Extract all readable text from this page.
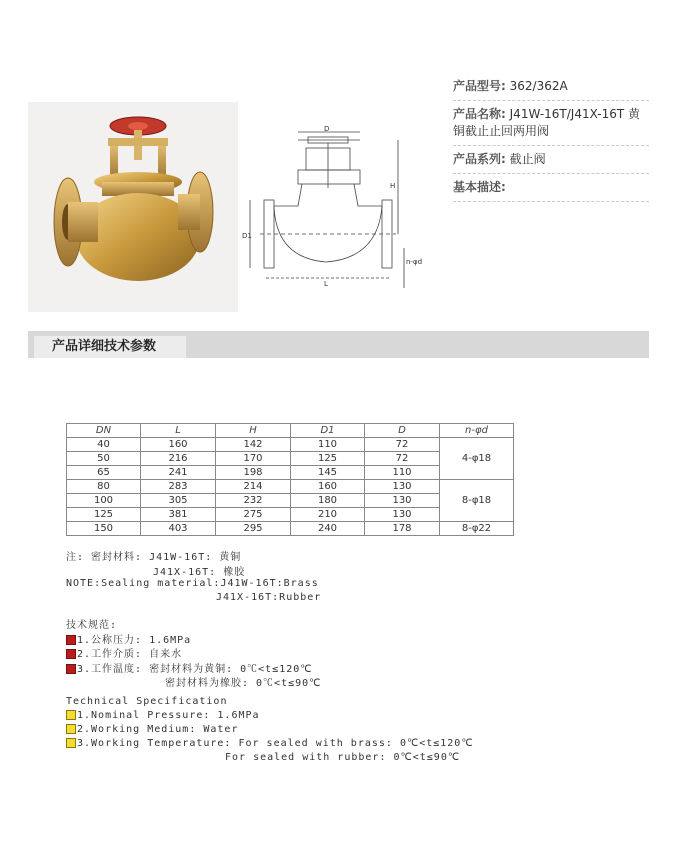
D
H
D1
L
n-φd
产品型号: 362/362A
产品名称: J41W-16T/J41X-16T 黄铜截止止回两用阀
产品系列: 截止阀
基本描述:
产品详细技术参数
DN	L	H	D1	D	n-φd
40	160	142	110	72	4-φ18
50	216	170	125	72	
65	241	198	145	110	
80	283	214	160	130	8-φ18
100	305	232	180	130	
125	381	275	210	130	
150	403	295	240	178	8-φ22
注: 密封材料: J41W-16T: 黄铜
J41X-16T: 橡胶
NOTE:Sealing material:J41W-16T:Brass
J41X-16T:Rubber
技术规范:
1.公称压力: 1.6MPa
2.工作介质: 自来水
3.工作温度: 密封材料为黄铜: 0℃<t≤120℃
密封材料为橡胶: 0℃<t≤90℃
Technical Specification
1.Nominal Pressure: 1.6MPa
2.Working Medium: Water
3.Working Temperature: For sealed with brass: 0℃<t≤120℃
For sealed with rubber: 0℃<t≤90℃
